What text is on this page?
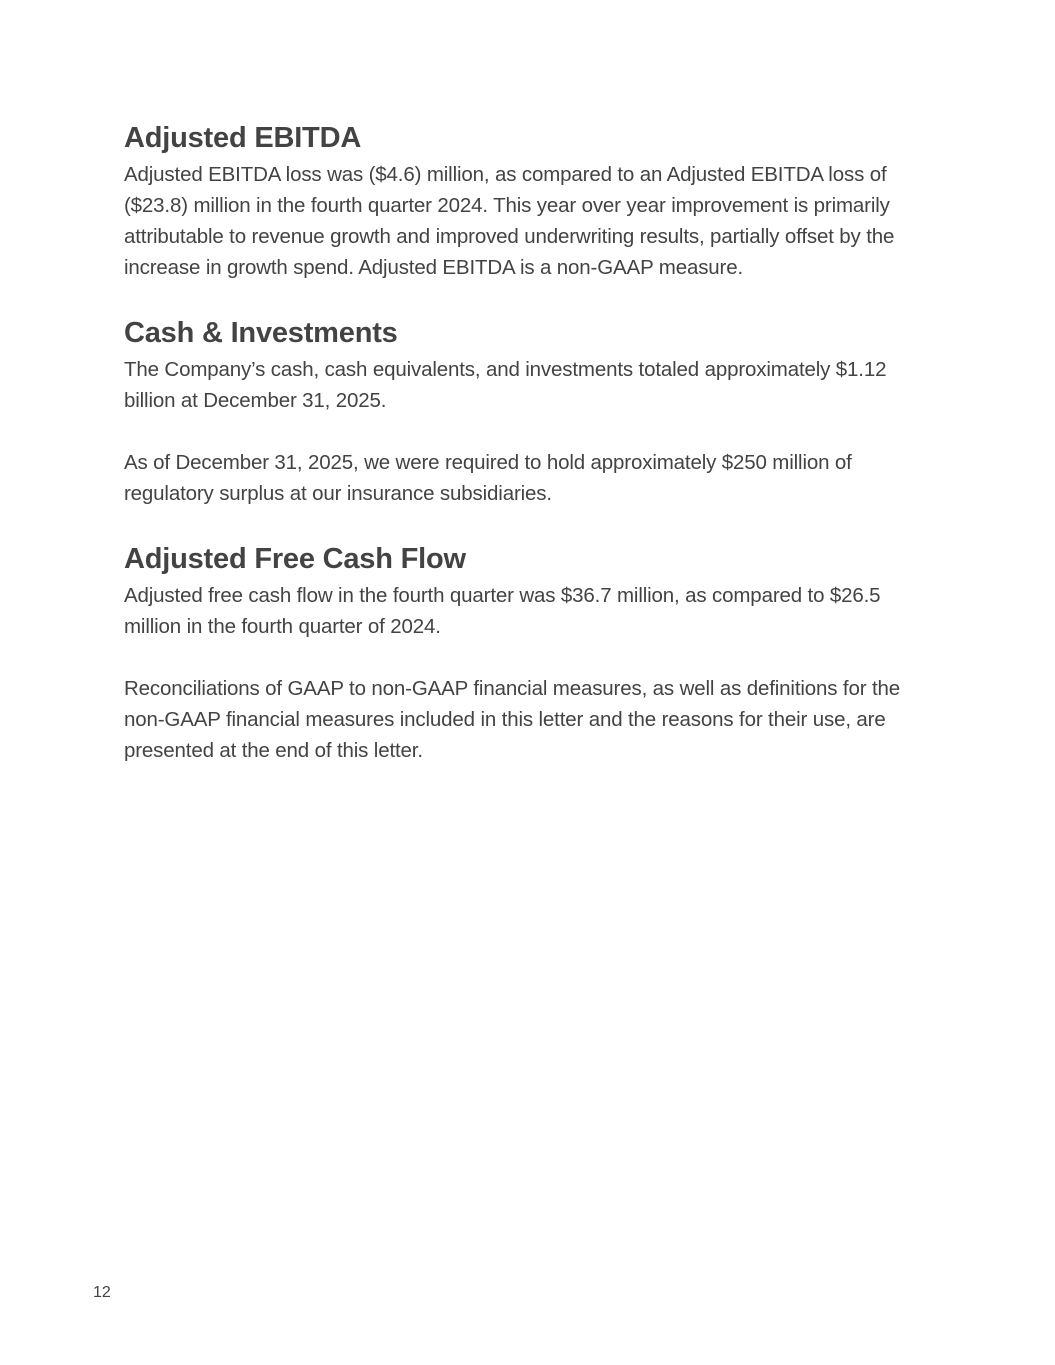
Adjusted EBITDA

Adjusted EBITDA loss was ($4.6) million, as compared to an Adjusted EBITDA loss of ($23.8) million in the fourth quarter 2024. This year over year improvement is primarily attributable to revenue growth and improved underwriting results, partially offset by the increase in growth spend. Adjusted EBITDA is a non-GAAP measure.

Cash & Investments

The Company’s cash, cash equivalents, and investments totaled approximately $1.12 billion at December 31, 2025.

As of December 31, 2025, we were required to hold approximately $250 million of regulatory surplus at our insurance subsidiaries.

Adjusted Free Cash Flow

Adjusted free cash flow in the fourth quarter was $36.7 million, as compared to $26.5 million in the fourth quarter of 2024.

Reconciliations of GAAP to non-GAAP financial measures, as well as definitions for the non-GAAP financial measures included in this letter and the reasons for their use, are presented at the end of this letter.

12
